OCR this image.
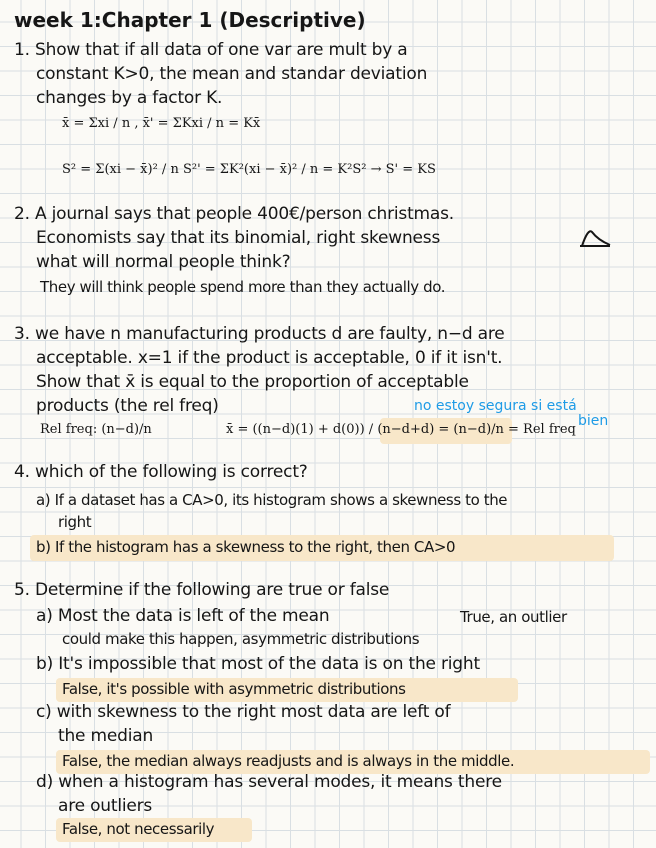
week 1:Chapter 1 (Descriptive)
1. Show that if all data of one var are mult by a
constant K>0, the mean and standar deviation
changes by a factor K.
x̄ = Σxi / n , x̄' = ΣKxi / n = Kx̄
S² = Σ(xi − x̄)² / n S²' = ΣK²(xi − x̄)² / n = K²S² → S' = KS
2. A journal says that people 400€/person christmas.
Economists say that its binomial, right skewness
what will normal people think?
They will think people spend more than they actually do.
3. we have n manufacturing products d are faulty, n−d are
acceptable. x=1 if the product is acceptable, 0 if it isn't.
Show that x̄ is equal to the proportion of acceptable
products (the rel freq)	no estoy segura si está
bien
Rel freq: (n−d)/n	x̄ = ((n−d)(1) + d(0)) / (n−d+d) = (n−d)/n = Rel freq
4. which of the following is correct?
a) If a dataset has a CA>0, its histogram shows a skewness to the
right
b) If the histogram has a skewness to the right, then CA>0
5. Determine if the following are true or false
a) Most the data is left of the mean	True, an outlier
could make this happen, asymmetric distributions
b) It's impossible that most of the data is on the right
False, it's possible with asymmetric distributions
c) with skewness to the right most data are left of
the median
False, the median always readjusts and is always in the middle.
d) when a histogram has several modes, it means there
are outliers
False, not necessarily
